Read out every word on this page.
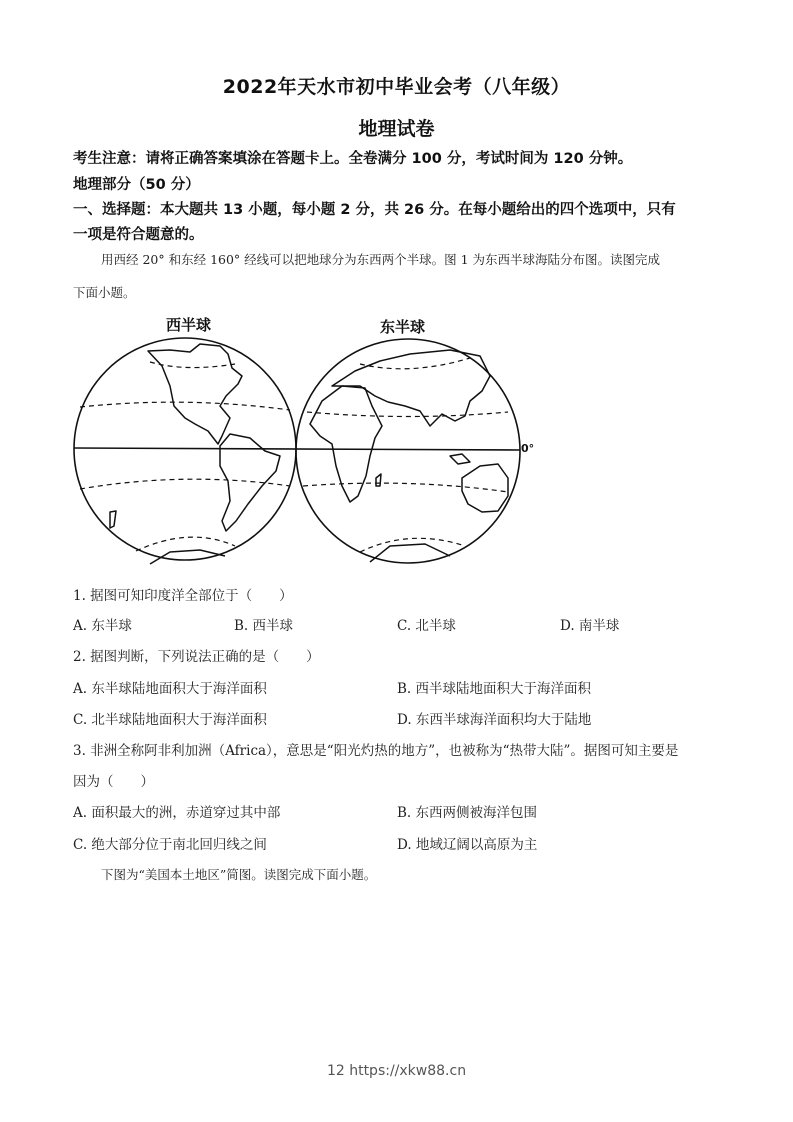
2022年天水市初中毕业会考（八年级）
地理试卷
考生注意：请将正确答案填涂在答题卡上。全卷满分 100 分，考试时间为 120 分钟。
地理部分（50 分）
一、选择题：本大题共 13 小题，每小题 2 分，共 26 分。在每小题给出的四个选项中，只有
一项是符合题意的。
用西经 20° 和东经 160° 经线可以把地球分为东西两个半球。图 1 为东西半球海陆分布图。读图完成
下面小题。
西半球	东半球
0°
1. 据图可知印度洋全部位于（　　）
A. 东半球	B. 西半球	C. 北半球	D. 南半球
2. 据图判断，下列说法正确的是（　　）
A. 东半球陆地面积大于海洋面积	B. 西半球陆地面积大于海洋面积
C. 北半球陆地面积大于海洋面积	D. 东西半球海洋面积均大于陆地
3. 非洲全称阿非利加洲（Africa），意思是“阳光灼热的地方”，也被称为“热带大陆”。据图可知主要是
因为（　　）
A. 面积最大的洲，赤道穿过其中部	B. 东西两侧被海洋包围
C. 绝大部分位于南北回归线之间	D. 地域辽阔以高原为主
下图为“美国本土地区”简图。读图完成下面小题。
12 https://xkw88.cn
